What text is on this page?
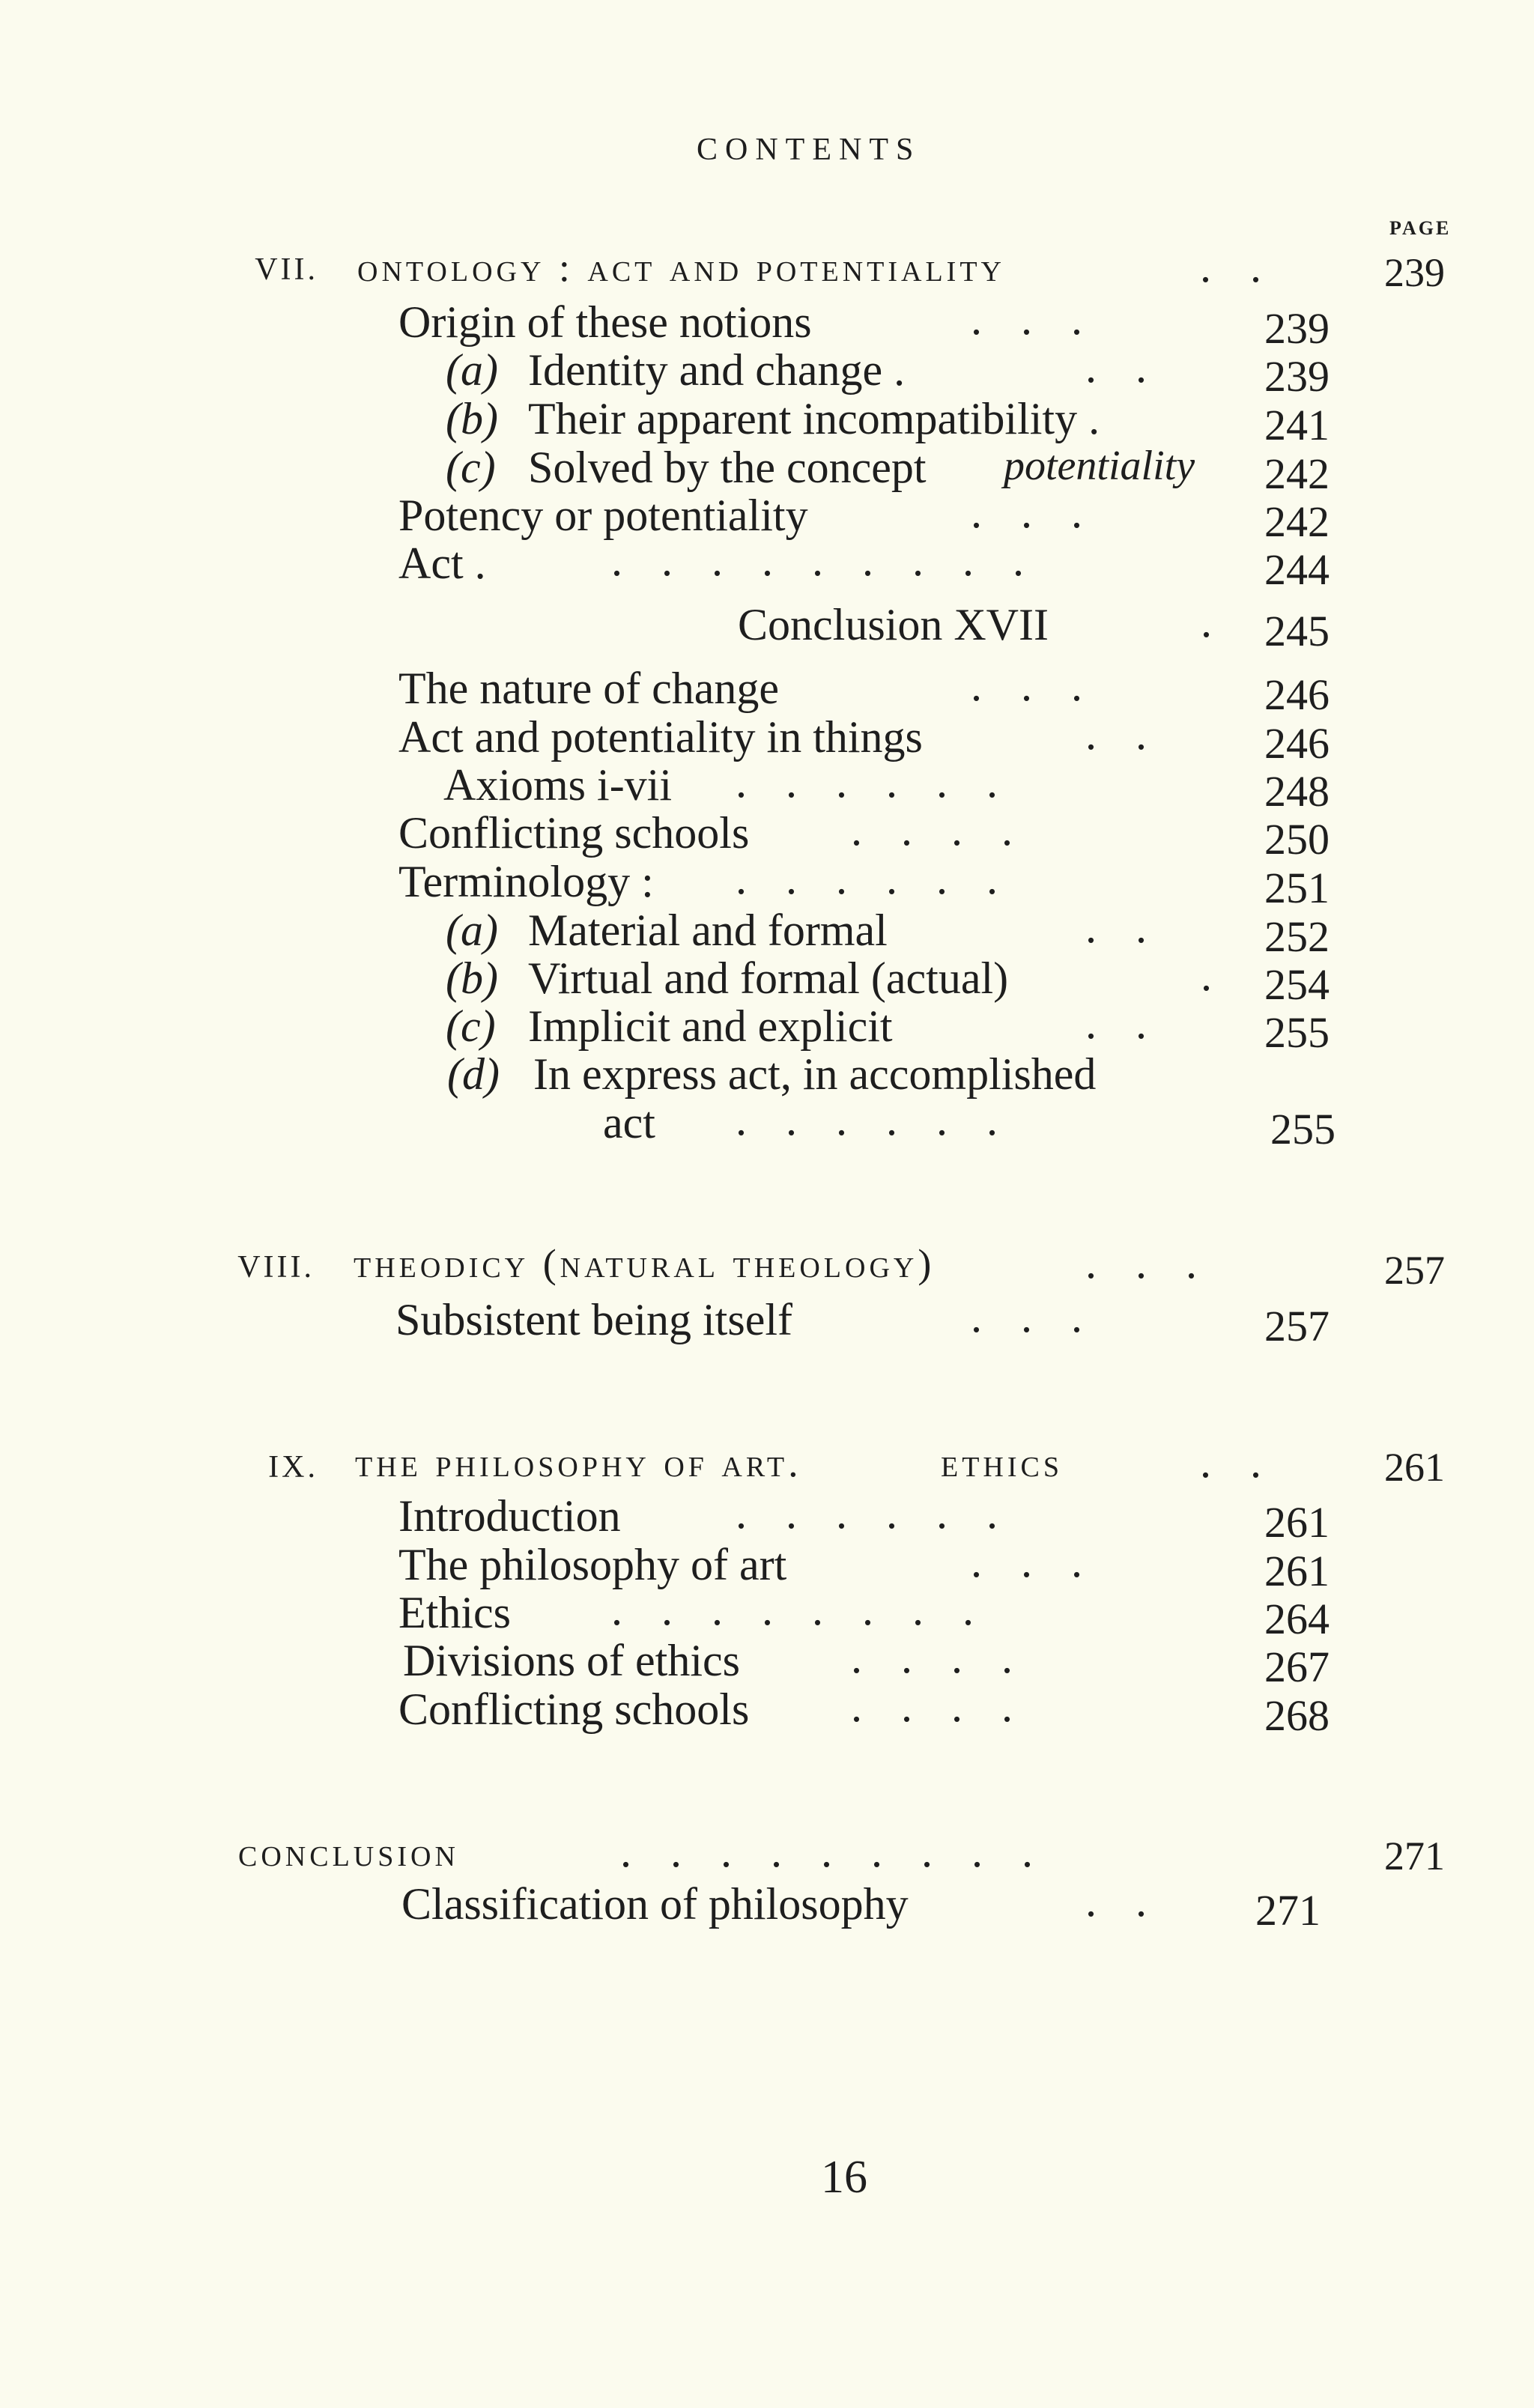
CONTENTS
PAGE
VII. ontology : act and potentiality	.. 239
Origin of these notions	...	239
(a) Identity and change .	.. 239
(b) Their apparent incompatibility .	241
(c) Solved by the concept potentiality 242
Potency or potentiality	...	242
Act .	.........	244
Conclusion XVII	. 245
The nature of change	...	246
Act and potentiality in things	.. 246
Axioms i-vii ......	248
Conflicting schools ....	250
Terminology : ......	251
(a) Material and formal	.. 252
(b) Virtual and formal (actual)	. 254
(c) Implicit and explicit	.. 255
(d) In express act, in accomplished
act ......	255
VIII. theodicy (natural theology)	...	257
Subsistent being itself	...	257
IX. the philosophy of art.	ethics	.. 261
Introduction	......	261
The philosophy of art	...	261
Ethics ........	264
Divisions of ethics ....	267
Conflicting schools ....	268
conclusion	.........	271
Classification of philosophy	.. 271
16
